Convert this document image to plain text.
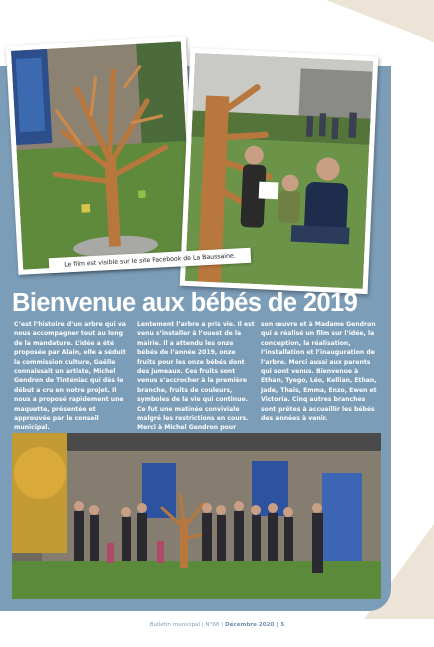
Le film est visible sur le site Facebook de La Baussaine.
Bienvenue aux bébés de 2019

C’est l’histoire d’un arbre qui va nous accompagner tout au long de la mandature. L’idée a été proposée par Alain, elle a séduit la commission culture, Gaëlle connaissait un artiste, Michel Gendron de Tinténiac qui dès le début a cru en notre projet. Il nous a proposé rapidement une maquette, présentée et approuvée par le conseil municipal.

Lentement l’arbre a pris vie. Il est venu s’installer à l’ouest de la mairie. Il a attendu les onze bébés de l’année 2019, onze fruits pour les onze bébés dont des jumeaux. Ces fruits sont venus s’accrocher à la première branche, fruits de couleurs, symboles de la vie qui continue. Ce fut une matinée conviviale malgré les restrictions en cours. Merci à Michel Gendron pour

son œuvre et à Madame Gendron qui a réalisé un film sur l’idée, la conception, la réalisation, l’installation et l’inauguration de l’arbre. Merci aussi aux parents qui sont venus. Bienvenue à Ethan, Tyego, Léo, Kellian, Ethan, Jade, Thaïs, Emma, Enzo, Ewen et Victoria. Cinq autres branches sont prêtes à accueillir les bébés des années à venir.

Bulletin municipal | N°66 | Décembre 2020 | 5
